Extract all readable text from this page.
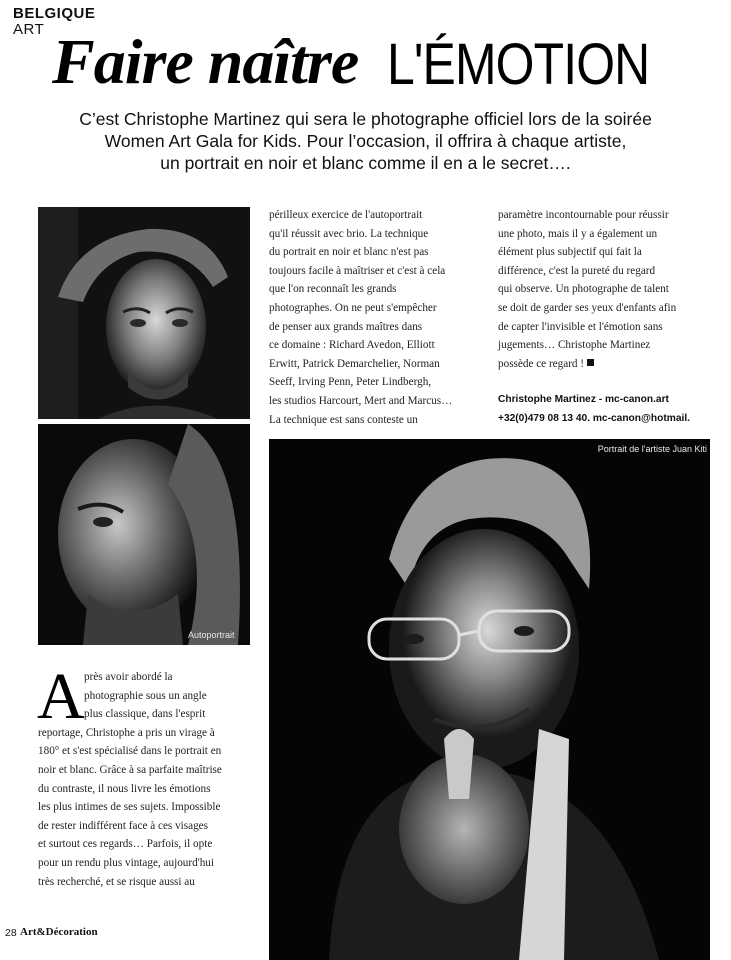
BELGIQUE
ART Faire naître L'ÉMOTION
C’est Christophe Martinez qui sera le photographe officiel lors de la soirée
Women Art Gala for Kids. Pour l’occasion, il offrira à chaque artiste,
un portrait en noir et blanc comme il en a le secret….
Autoportrait
Portrait de l'artiste Juan Kiti
périlleux exercice de l'autoportrait
qu'il réussit avec brio. La technique
du portrait en noir et blanc n'est pas
toujours facile à maîtriser et c'est à cela
que l'on reconnaît les grands
photographes. On ne peut s'empêcher
de penser aux grands maîtres dans
ce domaine : Richard Avedon, Elliott
Erwitt, Patrick Demarchelier, Norman
Seeff, Irving Penn, Peter Lindbergh,
les studios Harcourt, Mert and Marcus…
La technique est sans conteste un
paramètre incontournable pour réussir
une photo, mais il y a également un
élément plus subjectif qui fait la
différence, c'est la pureté du regard
qui observe. Un photographe de talent
se doit de garder ses yeux d'enfants afin
de capter l'invisible et l'émotion sans
jugements… Christophe Martinez
possède ce regard !
Christophe Martinez - mc-canon.art
+32(0)479 08 13 40. mc-canon@hotmail.
A près avoir abordé la
photographie sous un angle
plus classique, dans l'esprit
reportage, Christophe a pris un virage à
180° et s'est spécialisé dans le portrait en
noir et blanc. Grâce à sa parfaite maîtrise
du contraste, il nous livre les émotions
les plus intimes de ses sujets. Impossible
de rester indifférent face à ces visages
et surtout ces regards… Parfois, il opte
pour un rendu plus vintage, aujourd'hui
très recherché, et se risque aussi au
28 Art&Décoration
